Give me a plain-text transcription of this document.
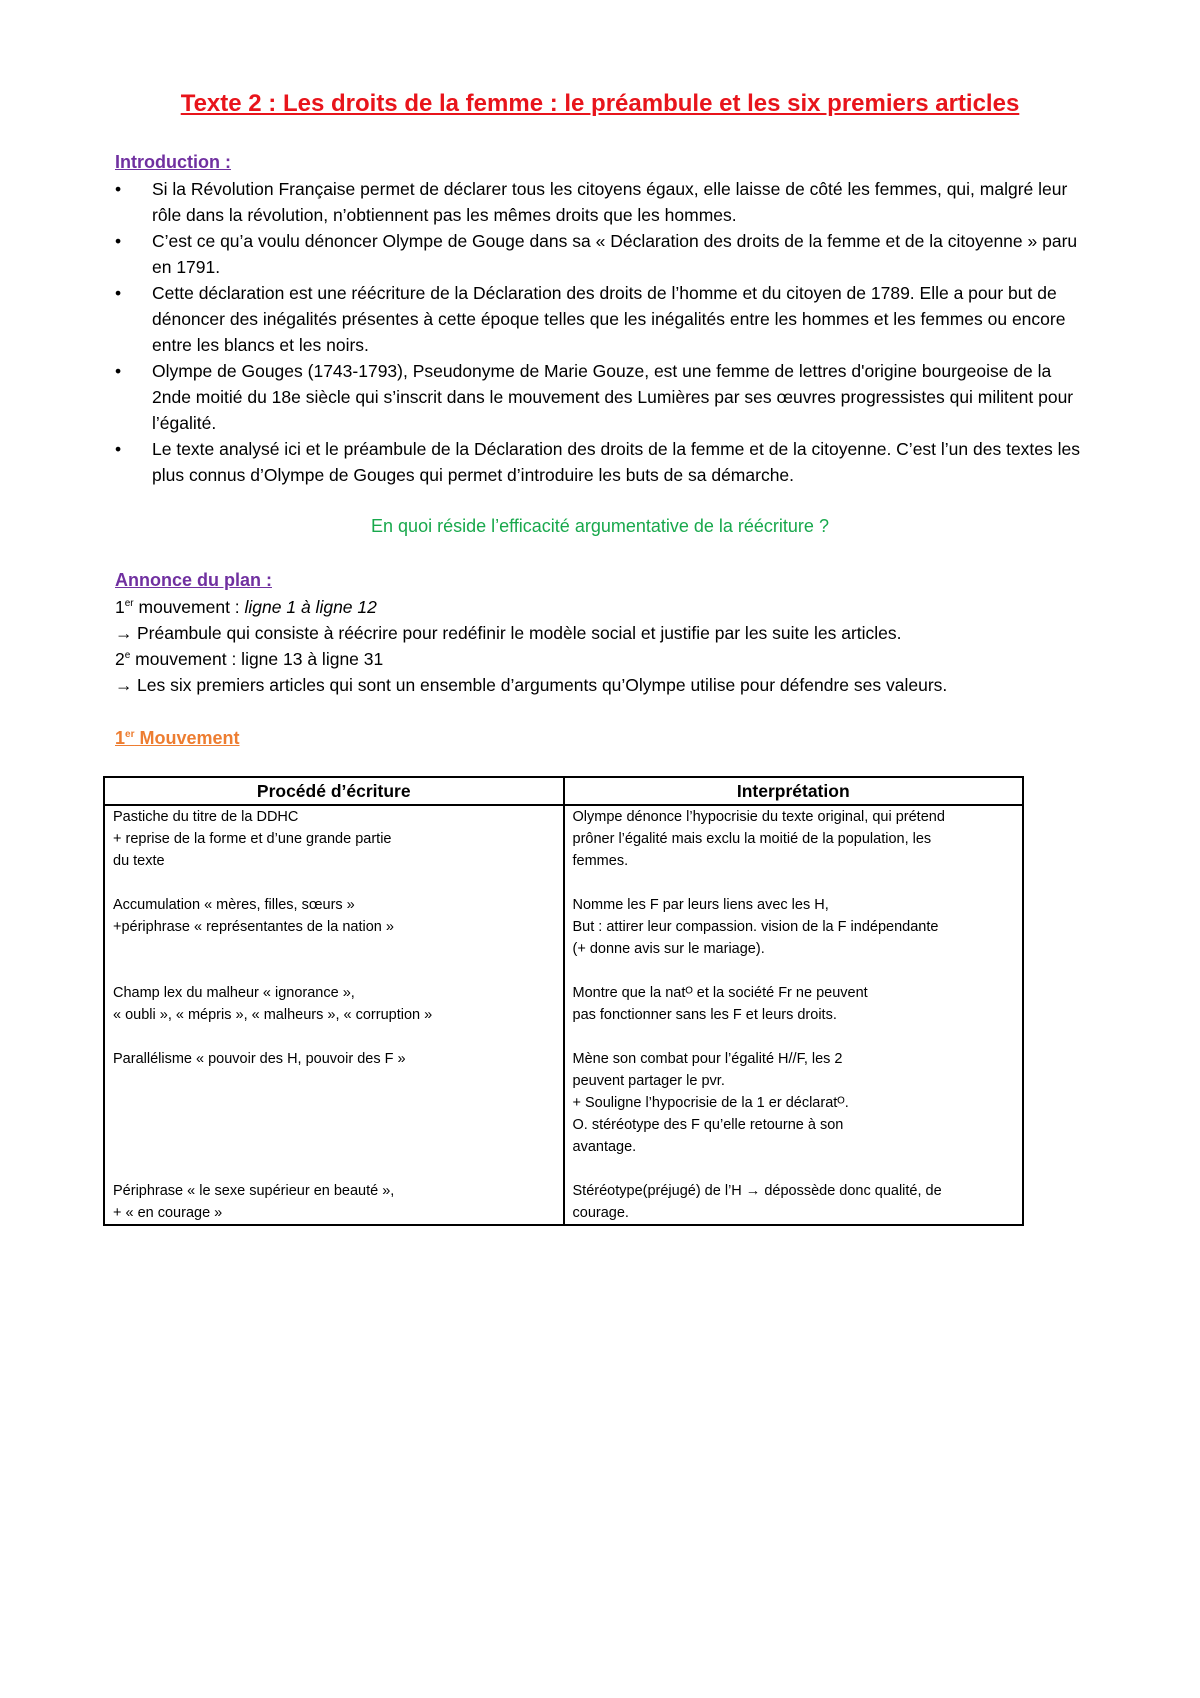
Texte 2 : Les droits de la femme : le préambule et les six premiers articles
Introduction :
• Si la Révolution Française permet de déclarer tous les citoyens égaux, elle laisse de côté les femmes, qui, malgré leur rôle dans la révolution, n’obtiennent pas les mêmes droits que les hommes.
• C’est ce qu’a voulu dénoncer Olympe de Gouge dans sa « Déclaration des droits de la femme et de la citoyenne » paru en 1791.
• Cette déclaration est une réécriture de la Déclaration des droits de l’homme et du citoyen de 1789. Elle a pour but de dénoncer des inégalités présentes à cette époque telles que les inégalités entre les hommes et les femmes ou encore entre les blancs et les noirs.
• Olympe de Gouges (1743-1793), Pseudonyme de Marie Gouze, est une femme de lettres d'origine bourgeoise de la 2nde moitié du 18e siècle qui s’inscrit dans le mouvement des Lumières par ses œuvres progressistes qui militent pour l’égalité.
• Le texte analysé ici et le préambule de la Déclaration des droits de la femme et de la citoyenne. C’est l’un des textes les plus connus d’Olympe de Gouges qui permet d’introduire les buts de sa démarche.
En quoi réside l’efficacité argumentative de la réécriture ?
Annonce du plan :
1er mouvement : ligne 1 à ligne 12
→ Préambule qui consiste à réécrire pour redéfinir le modèle social et justifie par les suite les articles.
2e mouvement : ligne 13 à ligne 31
→ Les six premiers articles qui sont un ensemble d’arguments qu’Olympe utilise pour défendre ses valeurs.
1er Mouvement
Procédé d’écriture	Interprétation

Pastiche du titre de la DDHC
+ reprise de la forme et d’une grande partie
du texte	Olympe dénonce l’hypocrisie du texte original, qui prétend
prôner l’égalité mais exclu la moitié de la population, les
femmes.

Accumulation « mères, filles, sœurs »
+périphrase « représentantes de la nation »	Nomme les F par leurs liens avec les H,
But : attirer leur compassion. vision de la F indépendante
(+ donne avis sur le mariage).

Champ lex du malheur « ignorance »,
« oubli », « mépris », « malheurs », « corruption »	Montre que la natᴼ et la société Fr ne peuvent
pas fonctionner sans les F et leurs droits.

Parallélisme « pouvoir des H, pouvoir des F »	Mène son combat pour l’égalité H//F, les 2
peuvent partager le pvr.
+ Souligne l’hypocrisie de la 1 er déclaratᴼ.
O. stéréotype des F qu’elle retourne à son
avantage.

Périphrase « le sexe supérieur en beauté »,
+ « en courage »	Stéréotype(préjugé) de l’H → dépossède donc qualité, de
courage.
